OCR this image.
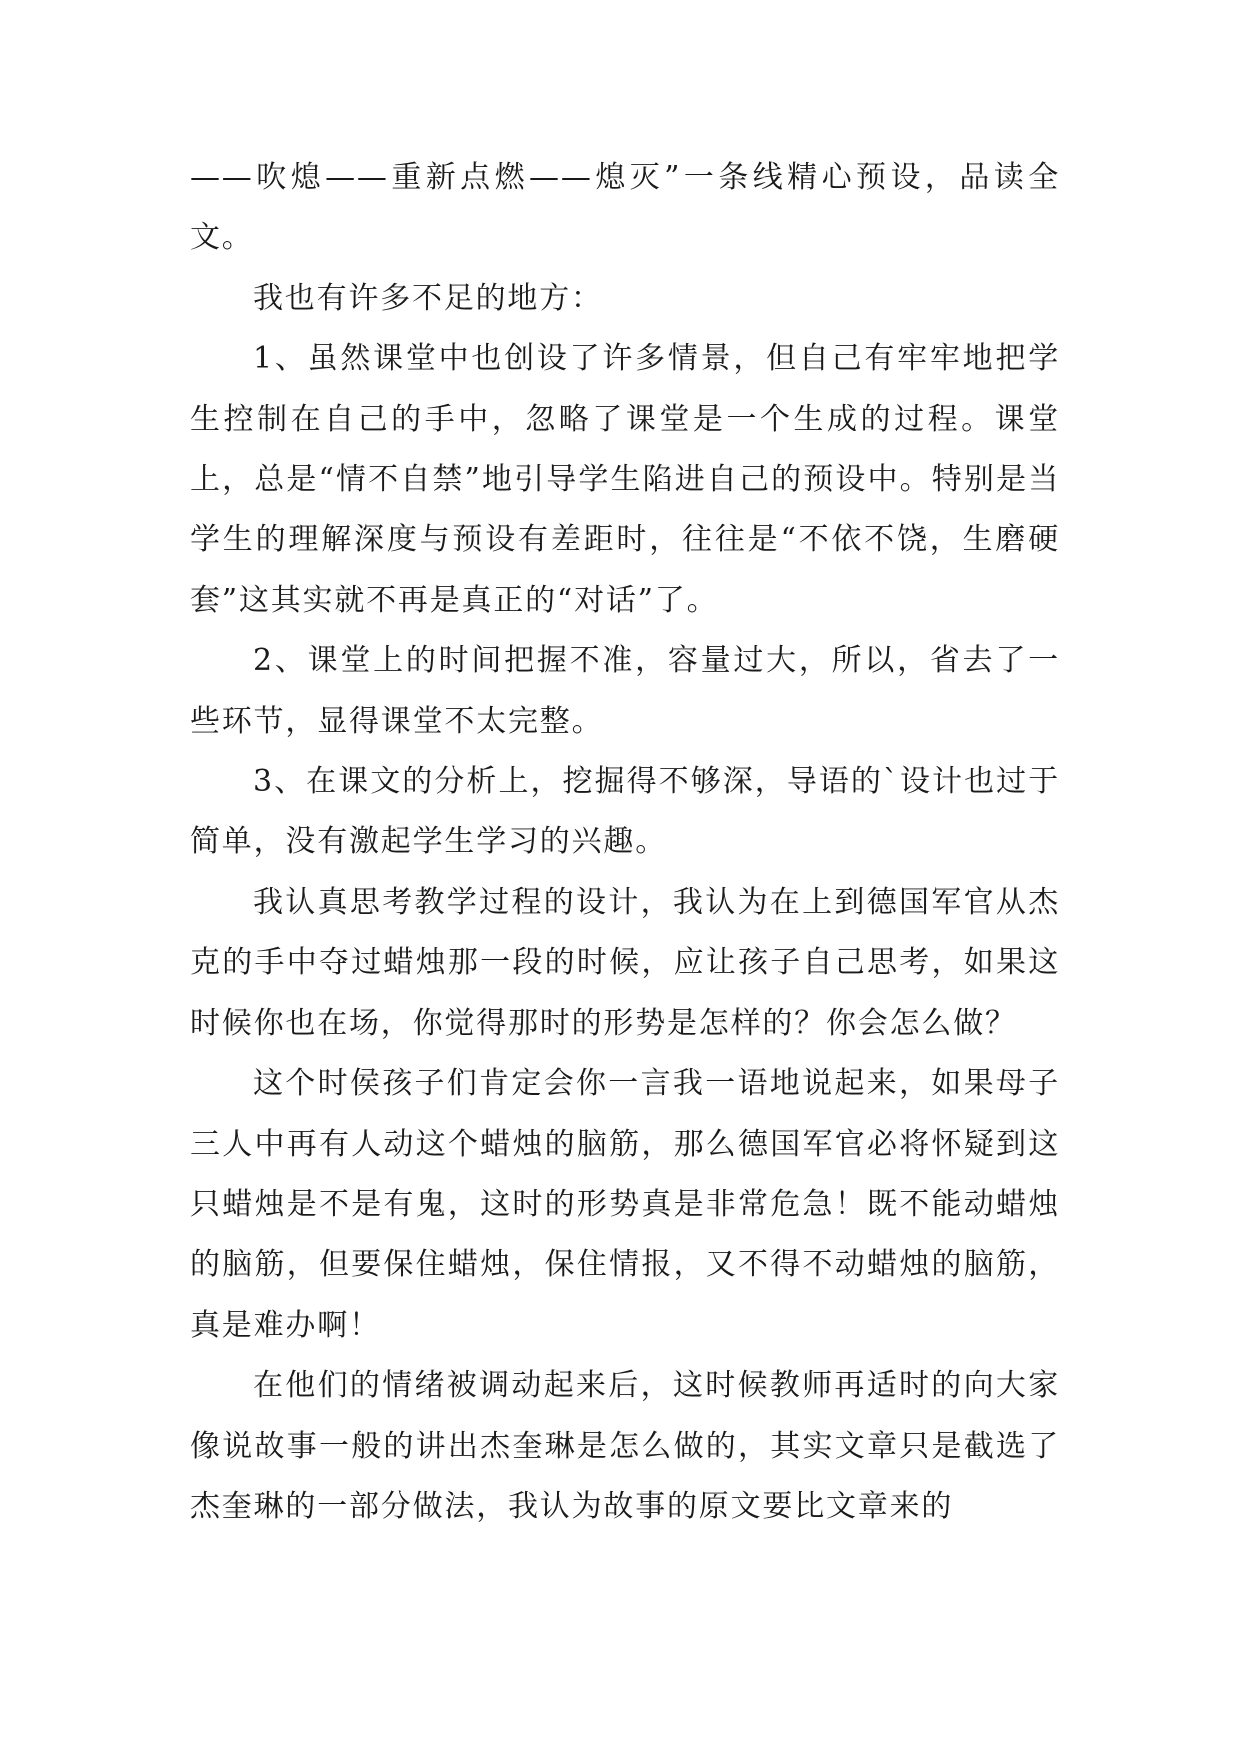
——吹熄——重新点燃——熄灭”一条线精心预设，品读全文。

我也有许多不足的地方：

1、虽然课堂中也创设了许多情景，但自己有牢牢地把学生控制在自己的手中，忽略了课堂是一个生成的过程。课堂上，总是“情不自禁”地引导学生陷进自己的预设中。特别是当学生的理解深度与预设有差距时，往往是“不依不饶，生磨硬套”这其实就不再是真正的“对话”了。

2、课堂上的时间把握不准，容量过大，所以，省去了一些环节，显得课堂不太完整。

3、在课文的分析上，挖掘得不够深，导语的`设计也过于简单，没有激起学生学习的兴趣。

我认真思考教学过程的设计，我认为在上到德国军官从杰克的手中夺过蜡烛那一段的时候，应让孩子自己思考，如果这时候你也在场，你觉得那时的形势是怎样的？你会怎么做？

这个时侯孩子们肯定会你一言我一语地说起来，如果母子三人中再有人动这个蜡烛的脑筋，那么德国军官必将怀疑到这只蜡烛是不是有鬼，这时的形势真是非常危急！既不能动蜡烛的脑筋，但要保住蜡烛，保住情报，又不得不动蜡烛的脑筋，真是难办啊！

在他们的情绪被调动起来后，这时候教师再适时的向大家像说故事一般的讲出杰奎琳是怎么做的，其实文章只是截选了杰奎琳的一部分做法，我认为故事的原文要比文章来的
